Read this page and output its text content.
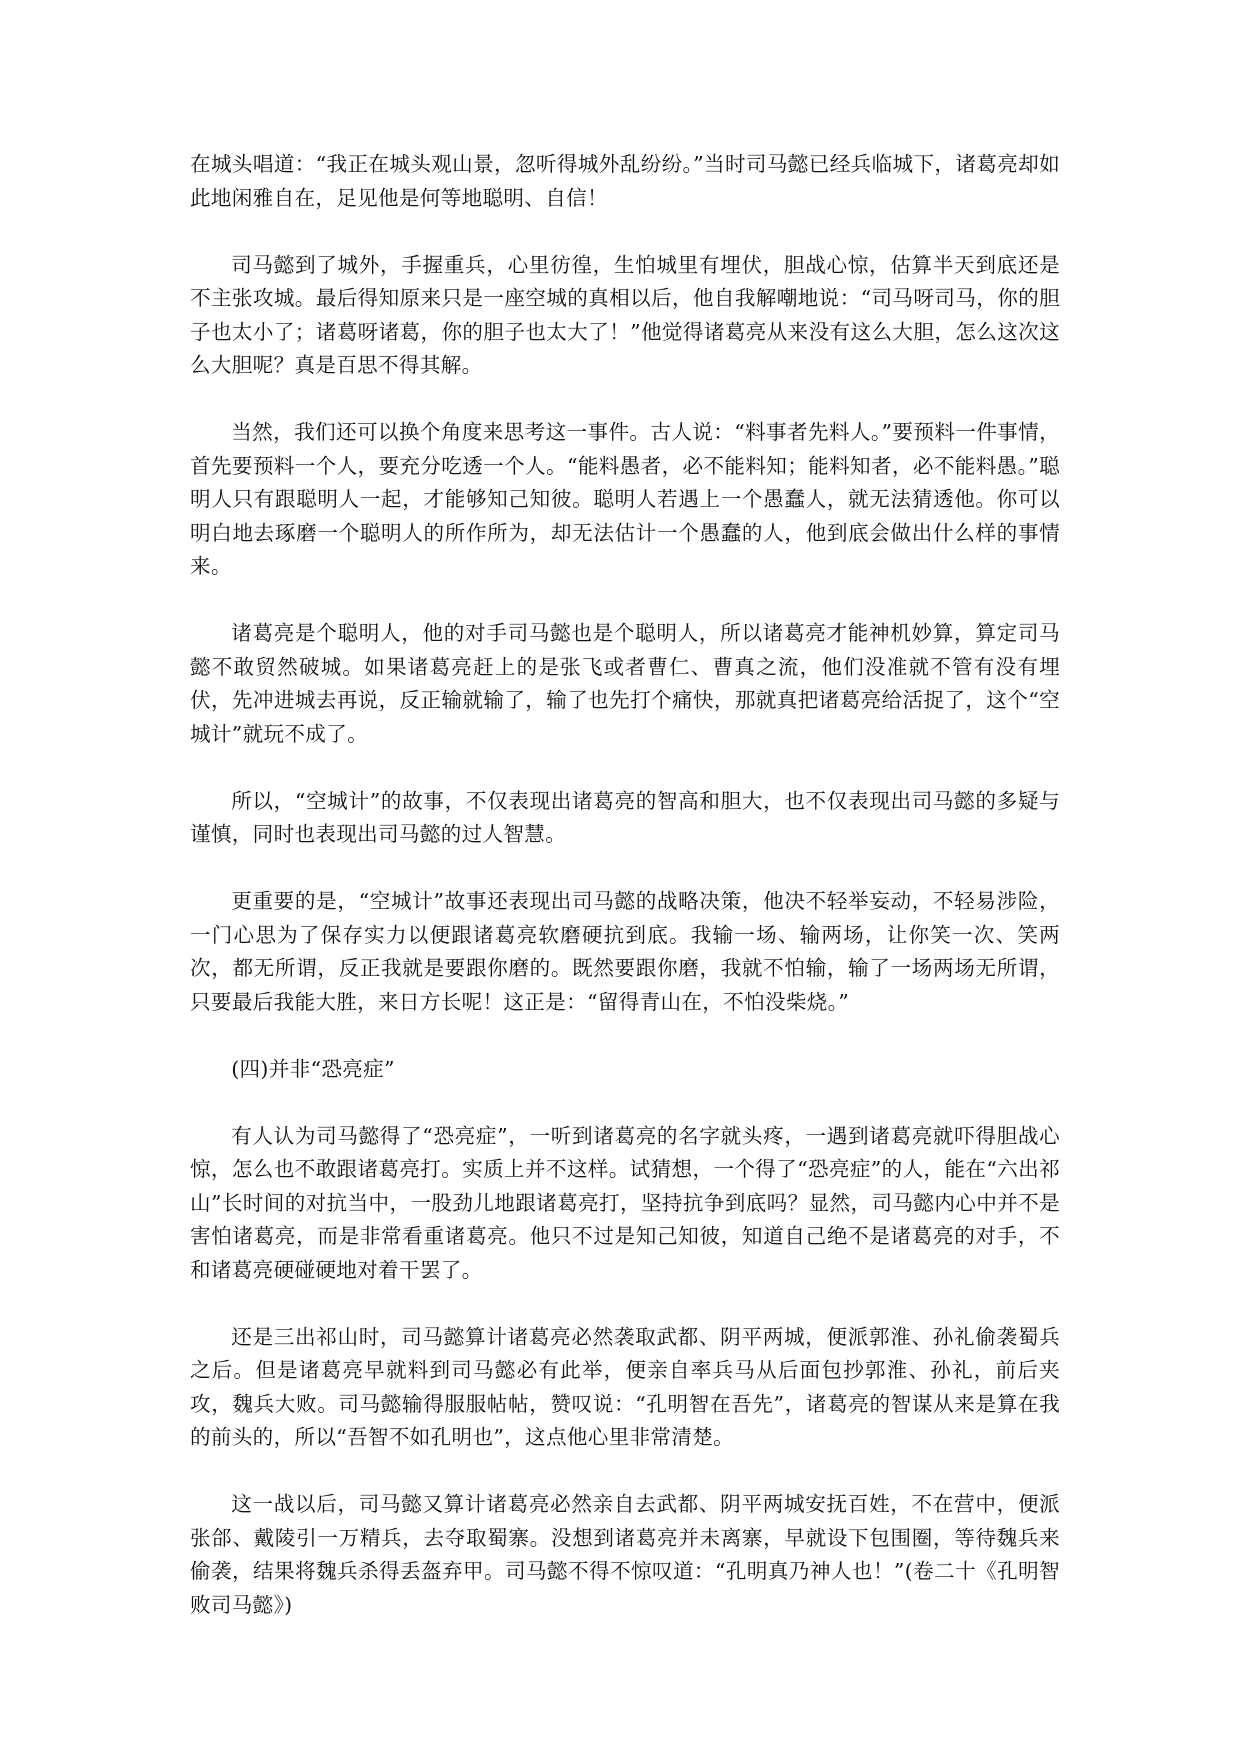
在城头唱道：“我正在城头观山景，忽听得城外乱纷纷。”当时司马懿已经兵临城下，诸葛亮却如此地闲雅自在，足见他是何等地聪明、自信！

司马懿到了城外，手握重兵，心里彷徨，生怕城里有埋伏，胆战心惊，估算半天到底还是不主张攻城。最后得知原来只是一座空城的真相以后，他自我解嘲地说：“司马呀司马，你的胆子也太小了；诸葛呀诸葛，你的胆子也太大了！”他觉得诸葛亮从来没有这么大胆，怎么这次这么大胆呢？真是百思不得其解。

当然，我们还可以换个角度来思考这一事件。古人说：“料事者先料人。”要预料一件事情，首先要预料一个人，要充分吃透一个人。“能料愚者，必不能料知；能料知者，必不能料愚。”聪明人只有跟聪明人一起，才能够知己知彼。聪明人若遇上一个愚蠢人，就无法猜透他。你可以明白地去琢磨一个聪明人的所作所为，却无法估计一个愚蠢的人，他到底会做出什么样的事情来。

诸葛亮是个聪明人，他的对手司马懿也是个聪明人，所以诸葛亮才能神机妙算，算定司马懿不敢贸然破城。如果诸葛亮赶上的是张飞或者曹仁、曹真之流，他们没准就不管有没有埋伏，先冲进城去再说，反正输就输了，输了也先打个痛快，那就真把诸葛亮给活捉了，这个“空城计”就玩不成了。

所以，“空城计”的故事，不仅表现出诸葛亮的智高和胆大，也不仅表现出司马懿的多疑与谨慎，同时也表现出司马懿的过人智慧。

更重要的是，“空城计”故事还表现出司马懿的战略决策，他决不轻举妄动，不轻易涉险，一门心思为了保存实力以便跟诸葛亮软磨硬抗到底。我输一场、输两场，让你笑一次、笑两次，都无所谓，反正我就是要跟你磨的。既然要跟你磨，我就不怕输，输了一场两场无所谓，只要最后我能大胜，来日方长呢！这正是：“留得青山在，不怕没柴烧。”

(四)并非“恐亮症”

有人认为司马懿得了“恐亮症”，一听到诸葛亮的名字就头疼，一遇到诸葛亮就吓得胆战心惊，怎么也不敢跟诸葛亮打。实质上并不这样。试猜想，一个得了“恐亮症”的人，能在“六出祁山”长时间的对抗当中，一股劲儿地跟诸葛亮打，坚持抗争到底吗？显然，司马懿内心中并不是害怕诸葛亮，而是非常看重诸葛亮。他只不过是知己知彼，知道自己绝不是诸葛亮的对手，不和诸葛亮硬碰硬地对着干罢了。

还是三出祁山时，司马懿算计诸葛亮必然袭取武都、阴平两城，便派郭淮、孙礼偷袭蜀兵之后。但是诸葛亮早就料到司马懿必有此举，便亲自率兵马从后面包抄郭淮、孙礼，前后夹攻，魏兵大败。司马懿输得服服帖帖，赞叹说：“孔明智在吾先”，诸葛亮的智谋从来是算在我的前头的，所以“吾智不如孔明也”，这点他心里非常清楚。

这一战以后，司马懿又算计诸葛亮必然亲自去武都、阴平两城安抚百姓，不在营中，便派张郃、戴陵引一万精兵，去夺取蜀寨。没想到诸葛亮并未离寨，早就设下包围圈，等待魏兵来偷袭，结果将魏兵杀得丢盔弃甲。司马懿不得不惊叹道：“孔明真乃神人也！”(卷二十《孔明智败司马懿》)
